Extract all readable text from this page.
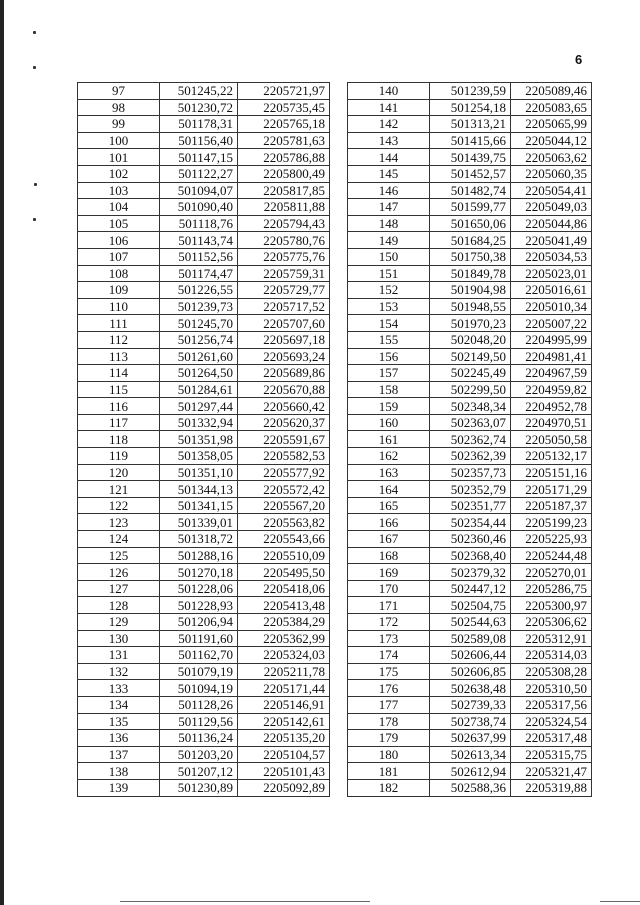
6
97	501245,22	2205721,97
98	501230,72	2205735,45
99	501178,31	2205765,18
100	501156,40	2205781,63
101	501147,15	2205786,88
102	501122,27	2205800,49
103	501094,07	2205817,85
104	501090,40	2205811,88
105	501118,76	2205794,43
106	501143,74	2205780,76
107	501152,56	2205775,76
108	501174,47	2205759,31
109	501226,55	2205729,77
110	501239,73	2205717,52
111	501245,70	2205707,60
112	501256,74	2205697,18
113	501261,60	2205693,24
114	501264,50	2205689,86
115	501284,61	2205670,88
116	501297,44	2205660,42
117	501332,94	2205620,37
118	501351,98	2205591,67
119	501358,05	2205582,53
120	501351,10	2205577,92
121	501344,13	2205572,42
122	501341,15	2205567,20
123	501339,01	2205563,82
124	501318,72	2205543,66
125	501288,16	2205510,09
126	501270,18	2205495,50
127	501228,06	2205418,06
128	501228,93	2205413,48
129	501206,94	2205384,29
130	501191,60	2205362,99
131	501162,70	2205324,03
132	501079,19	2205211,78
133	501094,19	2205171,44
134	501128,26	2205146,91
135	501129,56	2205142,61
136	501136,24	2205135,20
137	501203,20	2205104,57
138	501207,12	2205101,43
139	501230,89	2205092,89
140	501239,59	2205089,46
141	501254,18	2205083,65
142	501313,21	2205065,99
143	501415,66	2205044,12
144	501439,75	2205063,62
145	501452,57	2205060,35
146	501482,74	2205054,41
147	501599,77	2205049,03
148	501650,06	2205044,86
149	501684,25	2205041,49
150	501750,38	2205034,53
151	501849,78	2205023,01
152	501904,98	2205016,61
153	501948,55	2205010,34
154	501970,23	2205007,22
155	502048,20	2204995,99
156	502149,50	2204981,41
157	502245,49	2204967,59
158	502299,50	2204959,82
159	502348,34	2204952,78
160	502363,07	2204970,51
161	502362,74	2205050,58
162	502362,39	2205132,17
163	502357,73	2205151,16
164	502352,79	2205171,29
165	502351,77	2205187,37
166	502354,44	2205199,23
167	502360,46	2205225,93
168	502368,40	2205244,48
169	502379,32	2205270,01
170	502447,12	2205286,75
171	502504,75	2205300,97
172	502544,63	2205306,62
173	502589,08	2205312,91
174	502606,44	2205314,03
175	502606,85	2205308,28
176	502638,48	2205310,50
177	502739,33	2205317,56
178	502738,74	2205324,54
179	502637,99	2205317,48
180	502613,34	2205315,75
181	502612,94	2205321,47
182	502588,36	2205319,88
